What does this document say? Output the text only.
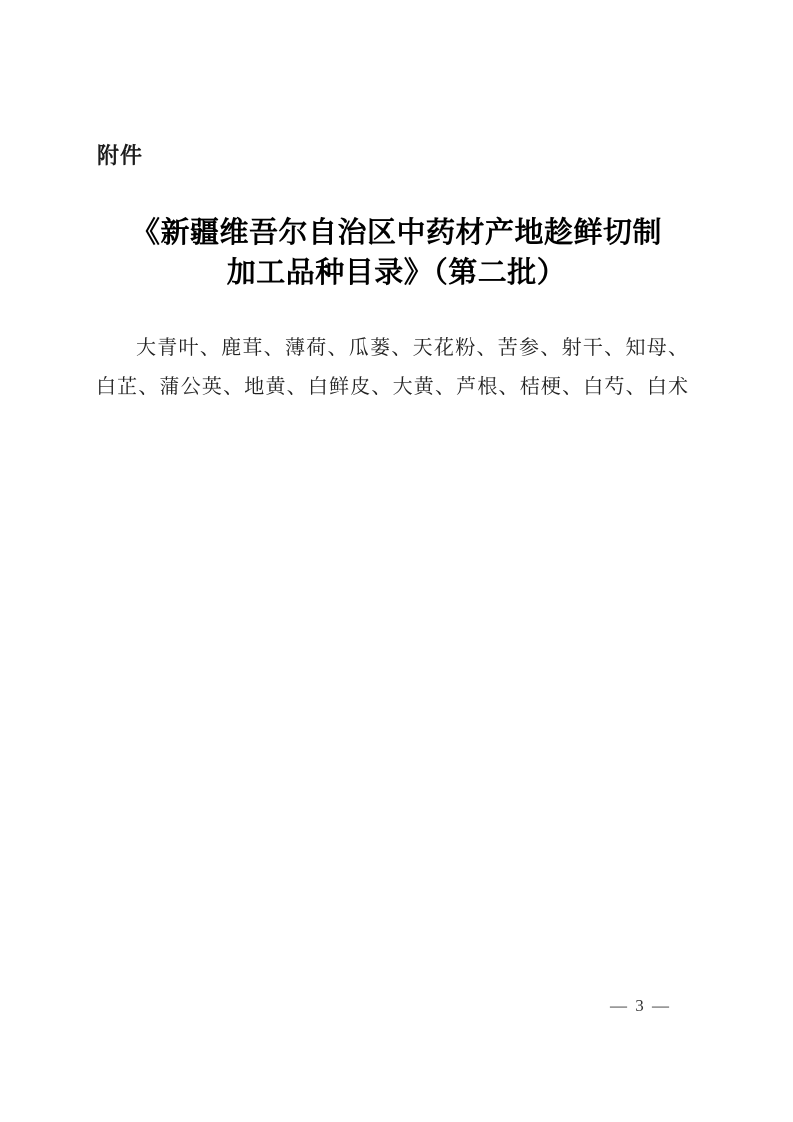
附件
《新疆维吾尔自治区中药材产地趁鲜切制
加工品种目录》（第二批）
大青叶、鹿茸、薄荷、瓜蒌、天花粉、苦参、射干、知母、
白芷、蒲公英、地黄、白鲜皮、大黄、芦根、桔梗、白芍、白术
— 3 —
